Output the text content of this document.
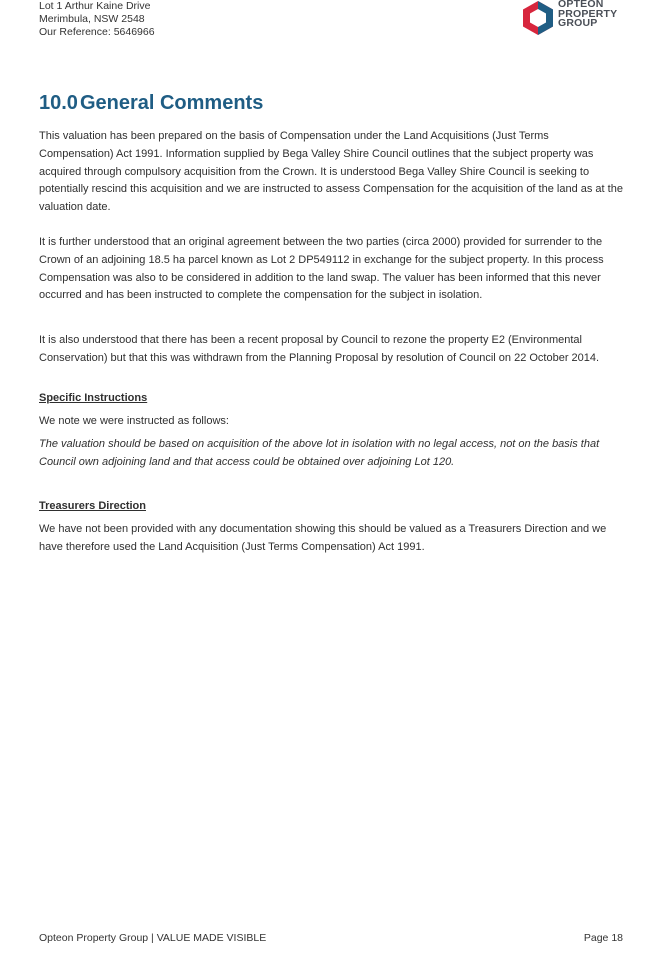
Lot 1 Arthur Kaine Drive
Merimbula, NSW 2548
Our Reference: 5646966
OPTEON
PROPERTY
GROUP
10.0 General Comments
This valuation has been prepared on the basis of Compensation under the Land Acquisitions (Just Terms Compensation) Act 1991. Information supplied by Bega Valley Shire Council outlines that the subject property was acquired through compulsory acquisition from the Crown. It is understood Bega Valley Shire Council is seeking to potentially rescind this acquisition and we are instructed to assess Compensation for the acquisition of the land as at the valuation date.
It is further understood that an original agreement between the two parties (circa 2000) provided for surrender to the Crown of an adjoining 18.5 ha parcel known as Lot 2 DP549112 in exchange for the subject property. In this process Compensation was also to be considered in addition to the land swap. The valuer has been informed that this never occurred and has been instructed to complete the compensation for the subject in isolation.
It is also understood that there has been a recent proposal by Council to rezone the property E2 (Environmental Conservation) but that this was withdrawn from the Planning Proposal by resolution of Council on 22 October 2014.
Specific Instructions
We note we were instructed as follows:
The valuation should be based on acquisition of the above lot in isolation with no legal access, not on the basis that Council own adjoining land and that access could be obtained over adjoining Lot 120.
Treasurers Direction
We have not been provided with any documentation showing this should be valued as a Treasurers Direction and we have therefore used the Land Acquisition (Just Terms Compensation) Act 1991.
Opteon Property Group | VALUE MADE VISIBLE	Page 18
